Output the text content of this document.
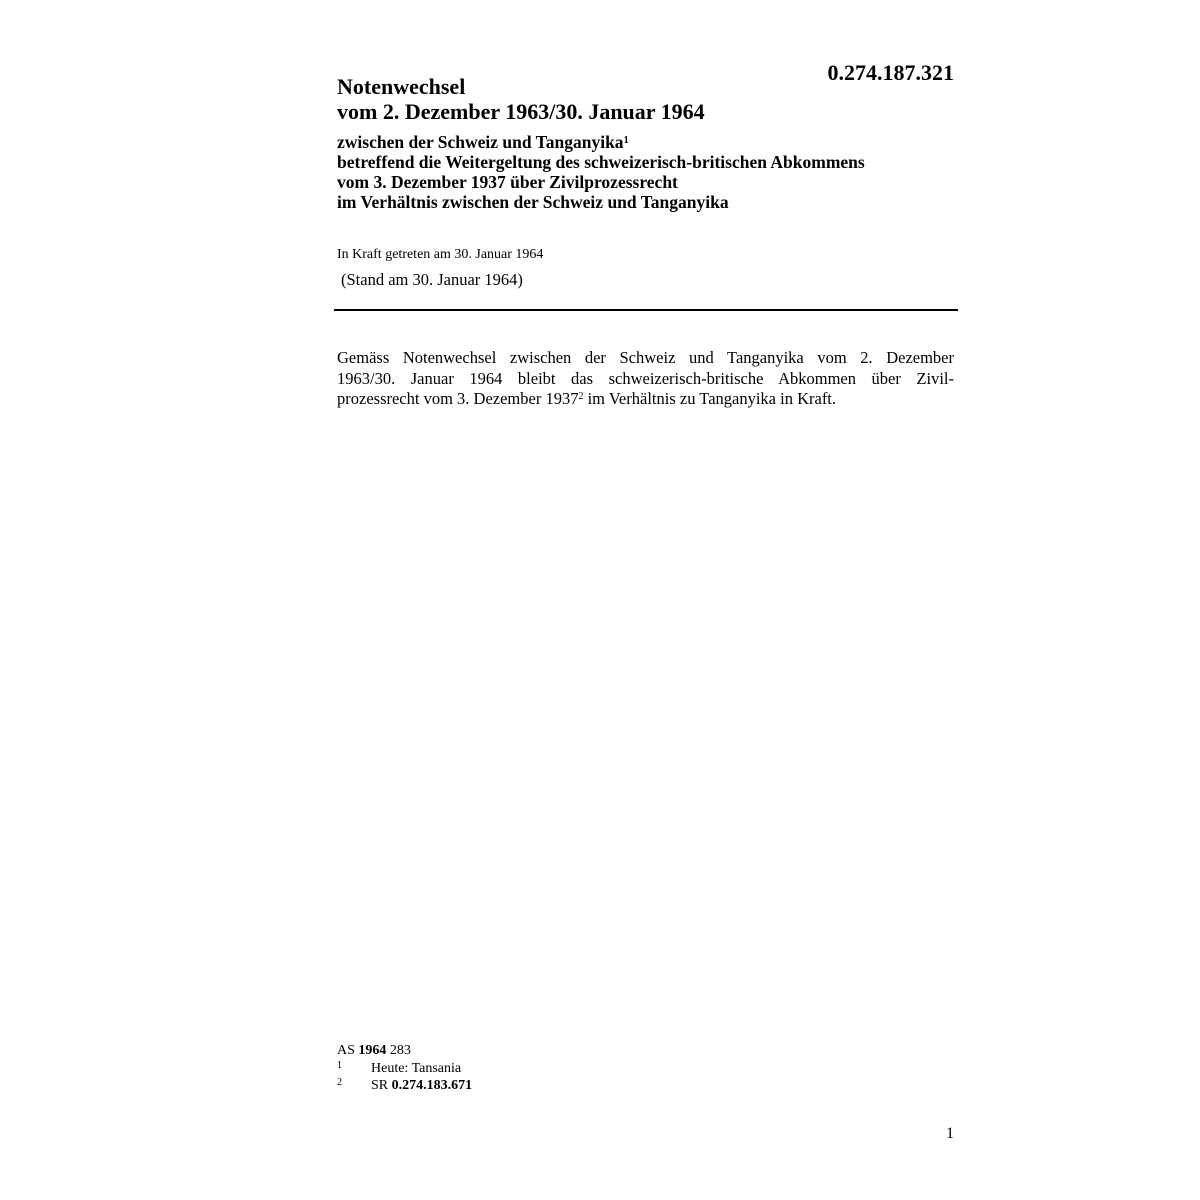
0.274.187.321
Notenwechsel
vom 2. Dezember 1963/30. Januar 1964
zwischen der Schweiz und Tanganyika$^1$
betreffend die Weitergeltung des schweizerisch-britischen Abkommens
vom 3. Dezember 1937 über Zivilprozessrecht
im Verhältnis zwischen der Schweiz und Tanganyika
In Kraft getreten am 30. Januar 1964
(Stand am 30. Januar 1964)
Gemäss Notenwechsel zwischen der Schweiz und Tanganyika vom 2. Dezember
1963/30. Januar 1964 bleibt das schweizerisch-britische Abkommen über Zivil-
prozessrecht vom 3. Dezember 1937$^2$ im Verhältnis zu Tanganyika in Kraft.
AS 1964 283
1 Heute: Tansania
2 SR 0.274.183.671
1
